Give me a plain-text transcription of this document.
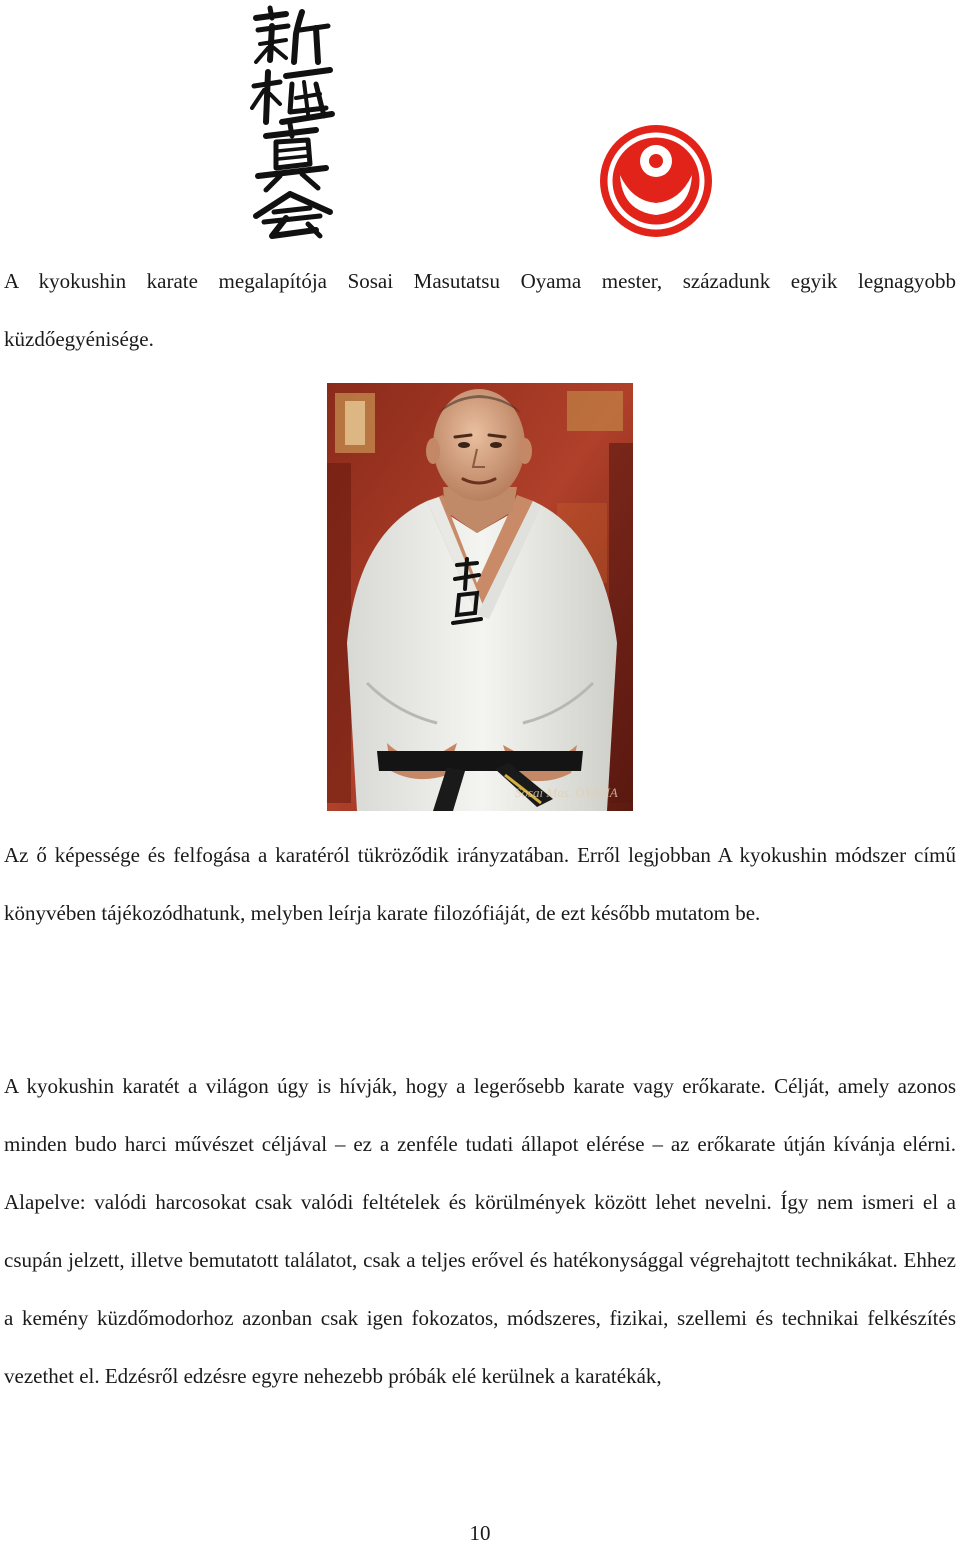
A kyokushin karate megalapítója Sosai Masutatsu Oyama mester, századunk egyik legnagyobb küzdőegyénisége.

Sosai Mas. OYAMA

Az ő képessége és felfogása a karatéról tükröződik irányzatában. Erről legjobban A kyokushin módszer című könyvében tájékozódhatunk, melyben leírja karate filozófiáját, de ezt később mutatom be.

A kyokushin karatét a világon úgy is hívják, hogy a legerősebb karate vagy erőkarate. Célját, amely azonos minden budo harci művészet céljával – ez a zenféle tudati állapot elérése – az erőkarate útján kívánja elérni. Alapelve: valódi harcosokat csak valódi feltételek és körülmények között lehet nevelni. Így nem ismeri el a csupán jelzett, illetve bemutatott találatot, csak a teljes erővel és hatékonysággal végrehajtott technikákat. Ehhez a kemény küzdőmodorhoz azonban csak igen fokozatos, módszeres, fizikai, szellemi és technikai felkészítés vezethet el. Edzésről edzésre egyre nehezebb próbák elé kerülnek a karatékák,

10
